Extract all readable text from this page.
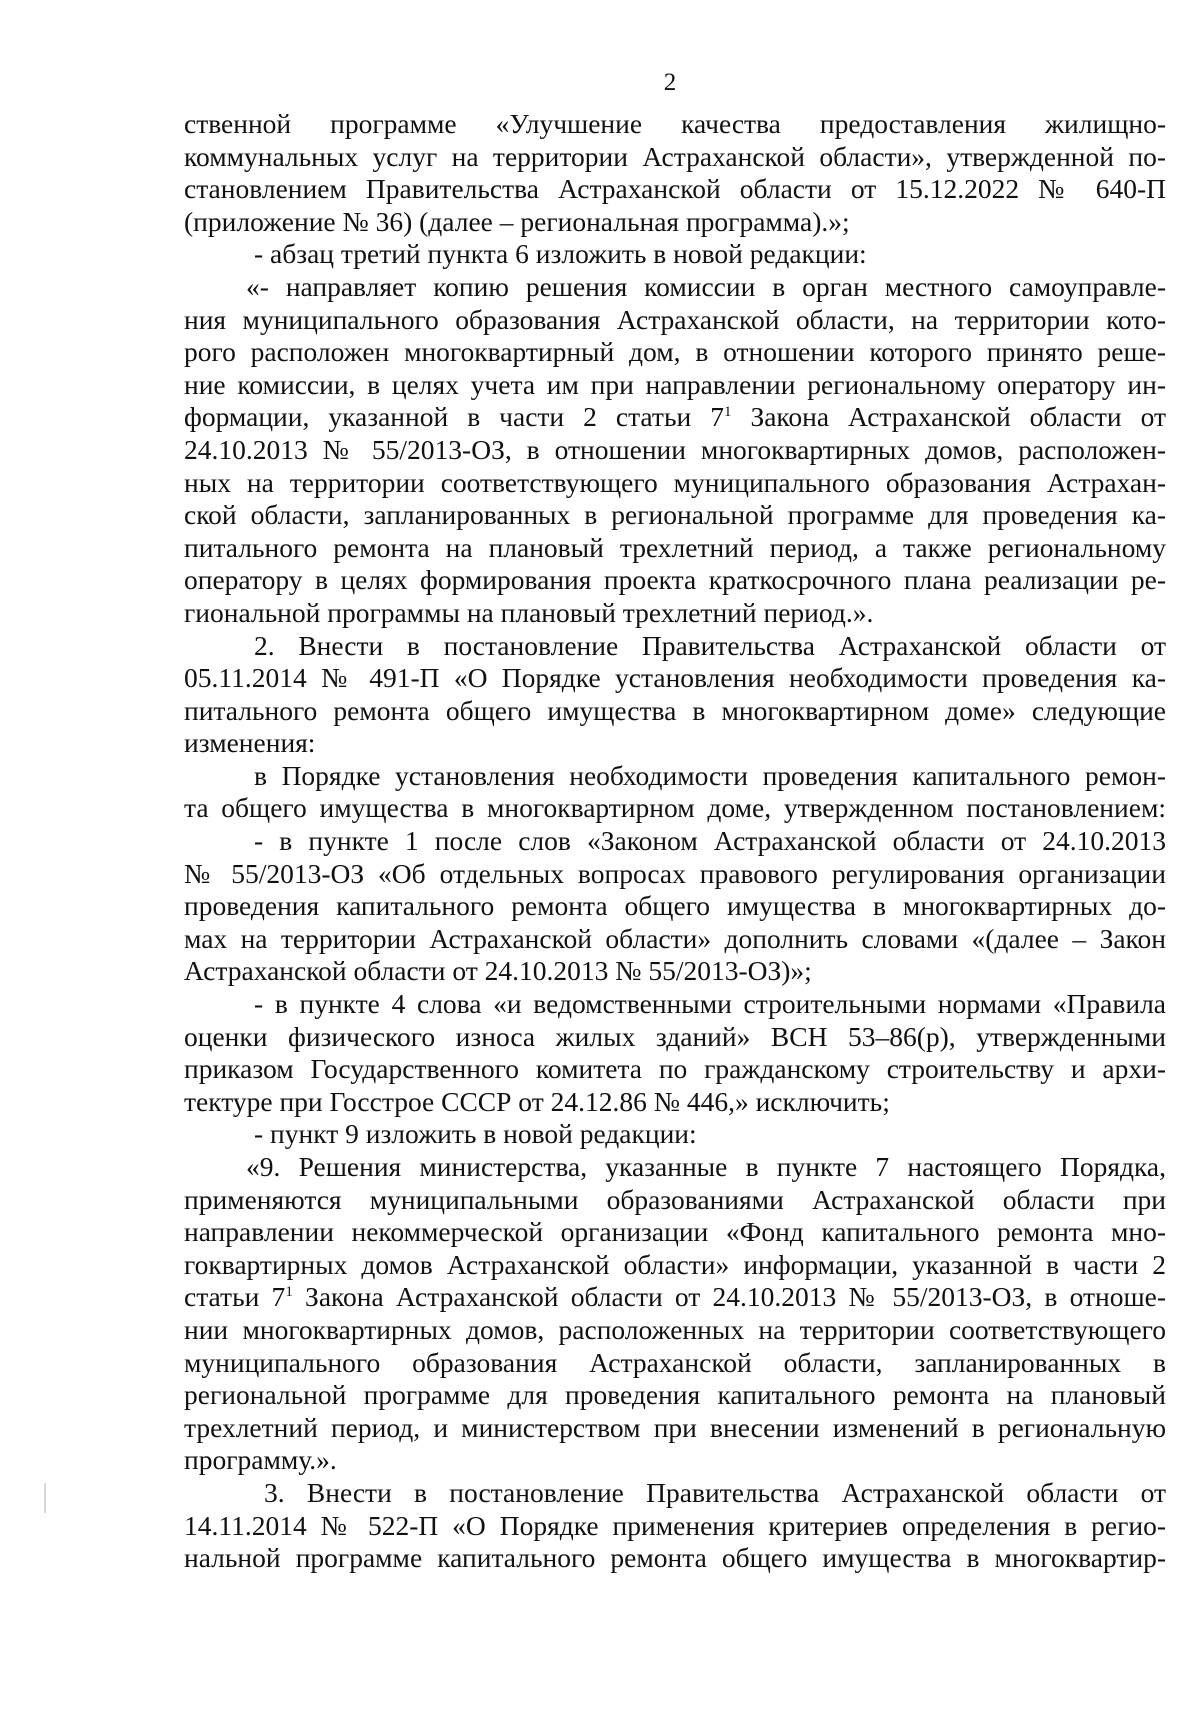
2
ственной программе «Улучшение качества предоставления жилищно-
коммунальных услуг на территории Астраханской области», утвержденной по-
становлением Правительства Астраханской области от 15.12.2022 № 640-П
(приложение № 36) (далее – региональная программа).»;
- абзац третий пункта 6 изложить в новой редакции:
«- направляет копию решения комиссии в орган местного самоуправле-
ния муниципального образования Астраханской области, на территории кото-
рого расположен многоквартирный дом, в отношении которого принято реше-
ние комиссии, в целях учета им при направлении региональному оператору ин-
формации, указанной в части 2 статьи $7^1$ Закона Астраханской области от
24.10.2013 № 55/2013-ОЗ, в отношении многоквартирных домов, расположен-
ных на территории соответствующего муниципального образования Астрахан-
ской области, запланированных в региональной программе для проведения ка-
питального ремонта на плановый трехлетний период, а также региональному
оператору в целях формирования проекта краткосрочного плана реализации ре-
гиональной программы на плановый трехлетний период.».
2. Внести в постановление Правительства Астраханской области от
05.11.2014 № 491-П «О Порядке установления необходимости проведения ка-
питального ремонта общего имущества в многоквартирном доме» следующие
изменения:
в Порядке установления необходимости проведения капитального ремон-
та общего имущества в многоквартирном доме, утвержденном постановлением:
- в пункте 1 после слов «Законом Астраханской области от 24.10.2013
№ 55/2013-ОЗ «Об отдельных вопросах правового регулирования организации
проведения капитального ремонта общего имущества в многоквартирных до-
мах на территории Астраханской области» дополнить словами «(далее – Закон
Астраханской области от 24.10.2013 № 55/2013-ОЗ)»;
- в пункте 4 слова «и ведомственными строительными нормами «Правила
оценки физического износа жилых зданий» ВСН 53–86(р), утвержденными
приказом Государственного комитета по гражданскому строительству и архи-
тектуре при Госстрое СССР от 24.12.86 № 446,» исключить;
- пункт 9 изложить в новой редакции:
«9. Решения министерства, указанные в пункте 7 настоящего Порядка,
применяются муниципальными образованиями Астраханской области при
направлении некоммерческой организации «Фонд капитального ремонта мно-
гоквартирных домов Астраханской области» информации, указанной в части 2
статьи $7^1$ Закона Астраханской области от 24.10.2013 № 55/2013-ОЗ, в отноше-
нии многоквартирных домов, расположенных на территории соответствующего
муниципального образования Астраханской области, запланированных в
региональной программе для проведения капитального ремонта на плановый
трехлетний период, и министерством при внесении изменений в региональную
программу.».
3. Внести в постановление Правительства Астраханской области от
14.11.2014 № 522-П «О Порядке применения критериев определения в регио-
нальной программе капитального ремонта общего имущества в многоквартир-
